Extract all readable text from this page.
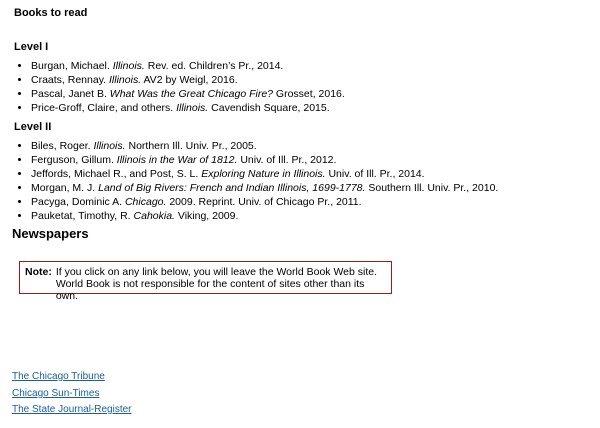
Books to read
Level I
• Burgan, Michael. Illinois. Rev. ed. Children’s Pr., 2014.
• Craats, Rennay. Illinois. AV2 by Weigl, 2016.
• Pascal, Janet B. What Was the Great Chicago Fire? Grosset, 2016.
• Price-Groff, Claire, and others. Illinois. Cavendish Square, 2015.
Level II
• Biles, Roger. Illinois. Northern Ill. Univ. Pr., 2005.
• Ferguson, Gillum. Illinois in the War of 1812. Univ. of Ill. Pr., 2012.
• Jeffords, Michael R., and Post, S. L. Exploring Nature in Illinois. Univ. of Ill. Pr., 2014.
• Morgan, M. J. Land of Big Rivers: French and Indian Illinois, 1699-1778. Southern Ill. Univ. Pr., 2010.
• Pacyga, Dominic A. Chicago. 2009. Reprint. Univ. of Chicago Pr., 2011.
• Pauketat, Timothy, R. Cahokia. Viking, 2009.
Newspapers
Note: If you click on any link below, you will leave the World Book Web site. World Book is not responsible for the content of sites other than its own.
The Chicago Tribune
Chicago Sun-Times
The State Journal-Register
